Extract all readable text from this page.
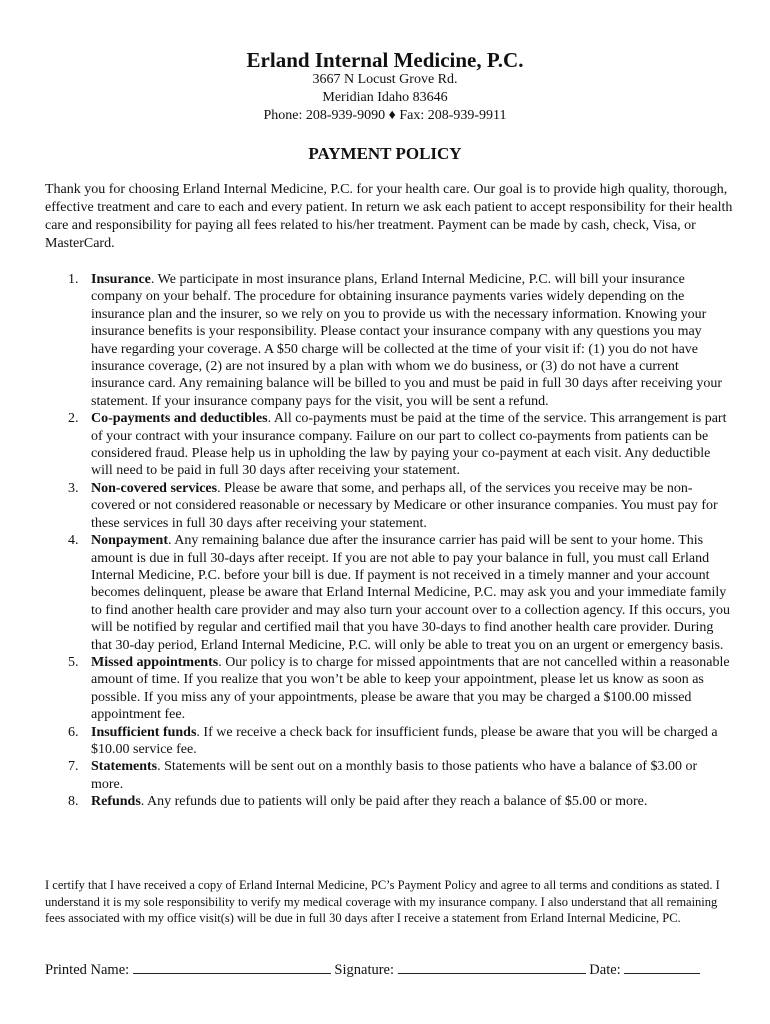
Erland Internal Medicine, P.C.
3667 N Locust Grove Rd.
Meridian Idaho 83646
Phone: 208-939-9090 ♦ Fax: 208-939-9911
PAYMENT POLICY

Thank you for choosing Erland Internal Medicine, P.C. for your health care. Our goal is to provide high quality, thorough, effective treatment and care to each and every patient. In return we ask each patient to accept responsibility for their health care and responsibility for paying all fees related to his/her treatment. Payment can be made by cash, check, Visa, or MasterCard.

1. Insurance. We participate in most insurance plans, Erland Internal Medicine, P.C. will bill your insurance company on your behalf. The procedure for obtaining insurance payments varies widely depending on the insurance plan and the insurer, so we rely on you to provide us with the necessary information. Knowing your insurance benefits is your responsibility. Please contact your insurance company with any questions you may have regarding your coverage. A $50 charge will be collected at the time of your visit if: (1) you do not have insurance coverage, (2) are not insured by a plan with whom we do business, or (3) do not have a current insurance card. Any remaining balance will be billed to you and must be paid in full 30 days after receiving your statement. If your insurance company pays for the visit, you will be sent a refund.
2. Co-payments and deductibles. All co-payments must be paid at the time of the service. This arrangement is part of your contract with your insurance company. Failure on our part to collect co-payments from patients can be considered fraud. Please help us in upholding the law by paying your co-payment at each visit. Any deductible will need to be paid in full 30 days after receiving your statement.
3. Non-covered services. Please be aware that some, and perhaps all, of the services you receive may be non-covered or not considered reasonable or necessary by Medicare or other insurance companies. You must pay for these services in full 30 days after receiving your statement.
4. Nonpayment. Any remaining balance due after the insurance carrier has paid will be sent to your home. This amount is due in full 30-days after receipt. If you are not able to pay your balance in full, you must call Erland Internal Medicine, P.C. before your bill is due. If payment is not received in a timely manner and your account becomes delinquent, please be aware that Erland Internal Medicine, P.C. may ask you and your immediate family to find another health care provider and may also turn your account over to a collection agency. If this occurs, you will be notified by regular and certified mail that you have 30-days to find another health care provider. During that 30-day period, Erland Internal Medicine, P.C. will only be able to treat you on an urgent or emergency basis.
5. Missed appointments. Our policy is to charge for missed appointments that are not cancelled within a reasonable amount of time. If you realize that you won’t be able to keep your appointment, please let us know as soon as possible. If you miss any of your appointments, please be aware that you may be charged a $100.00 missed appointment fee.
6. Insufficient funds. If we receive a check back for insufficient funds, please be aware that you will be charged a $10.00 service fee.
7. Statements. Statements will be sent out on a monthly basis to those patients who have a balance of $3.00 or more.
8. Refunds. Any refunds due to patients will only be paid after they reach a balance of $5.00 or more.

I certify that I have received a copy of Erland Internal Medicine, PC’s Payment Policy and agree to all terms and conditions as stated. I understand it is my sole responsibility to verify my medical coverage with my insurance company. I also understand that all remaining fees associated with my office visit(s) will be due in full 30 days after I receive a statement from Erland Internal Medicine, PC.

Printed Name:	Signature:	Date:
